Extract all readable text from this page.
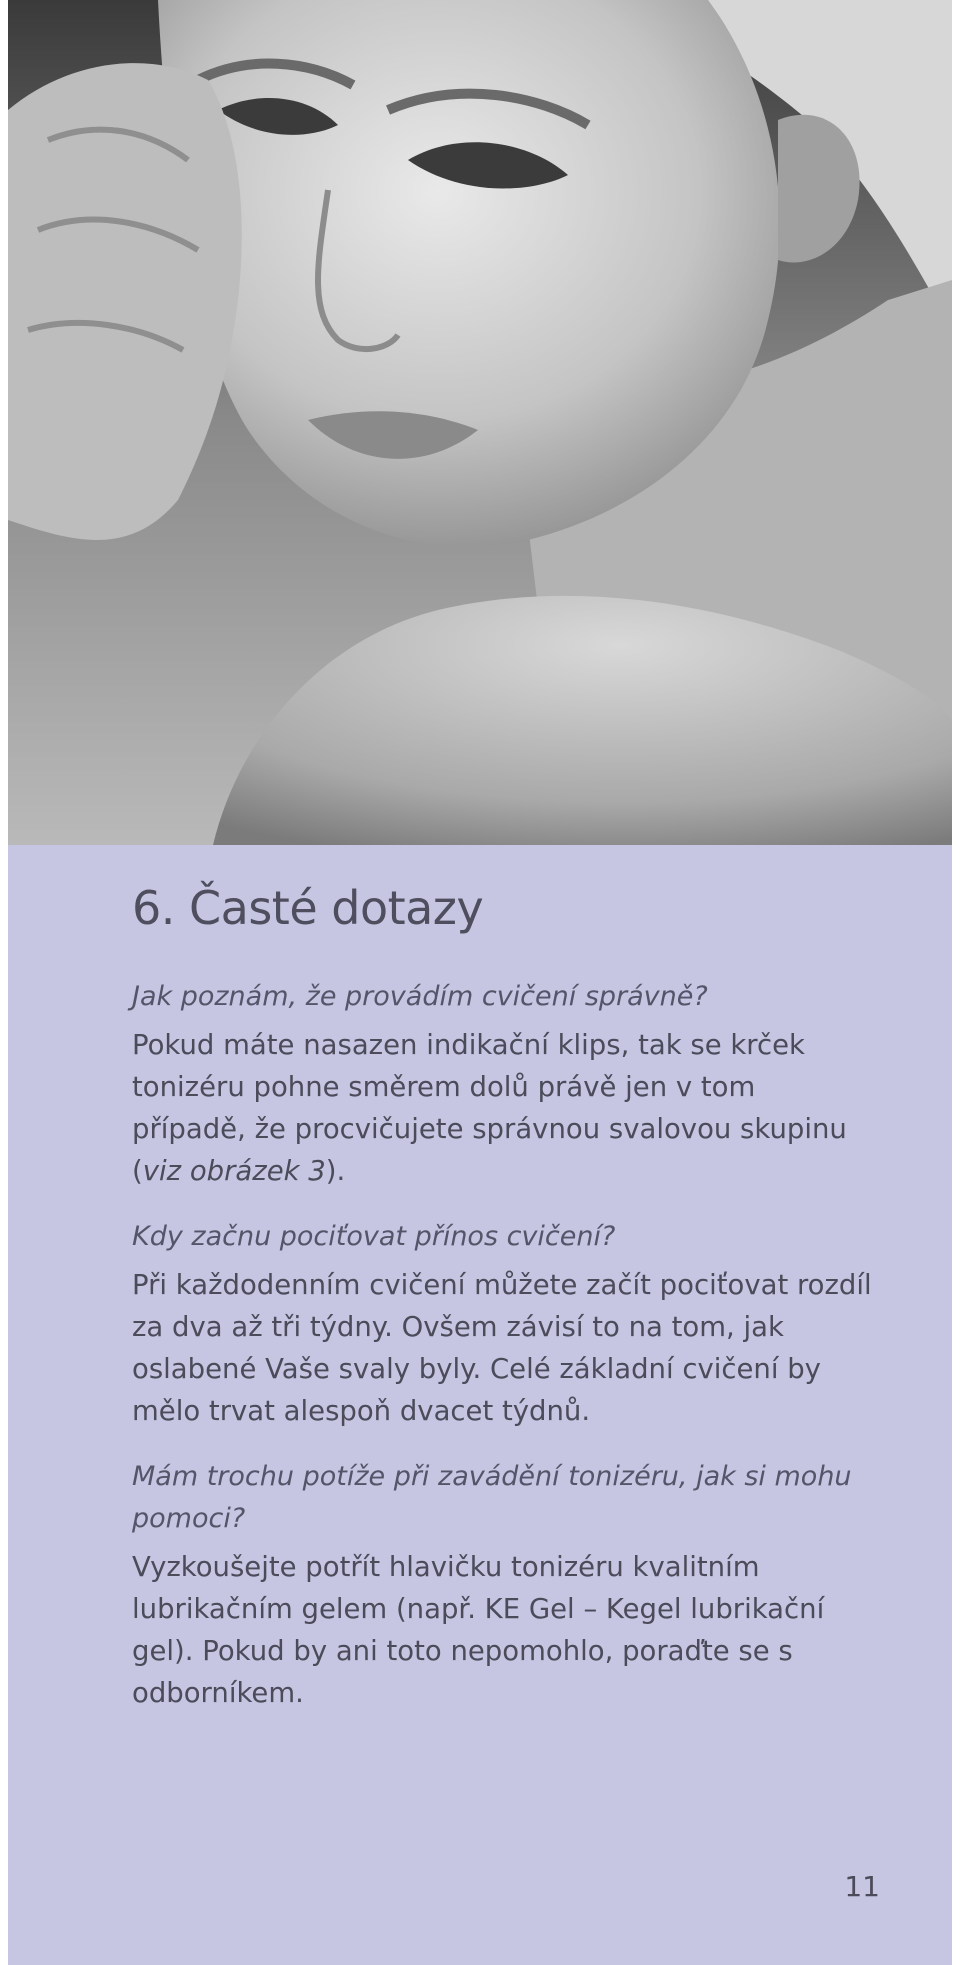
6. Časté dotazy

Jak poznám, že provádím cvičení správně?

Pokud máte nasazen indikační klips, tak se krček tonizéru pohne směrem dolů právě jen v tom případě, že procvičujete správnou svalovou skupinu (viz obrázek 3).

Kdy začnu pociťovat přínos cvičení?

Při každodenním cvičení můžete začít pociťovat rozdíl za dva až tři týdny. Ovšem závisí to na tom, jak oslabené Vaše svaly byly. Celé základní cvičení by mělo trvat alespoň dvacet týdnů.

Mám trochu potíže při zavádění tonizéru, jak si mohu pomoci?

Vyzkoušejte potřít hlavičku tonizéru kvalitním lubrikačním gelem (např. KE Gel – Kegel lubrikační gel). Pokud by ani toto nepomohlo, poraďte se s odborníkem.

11
